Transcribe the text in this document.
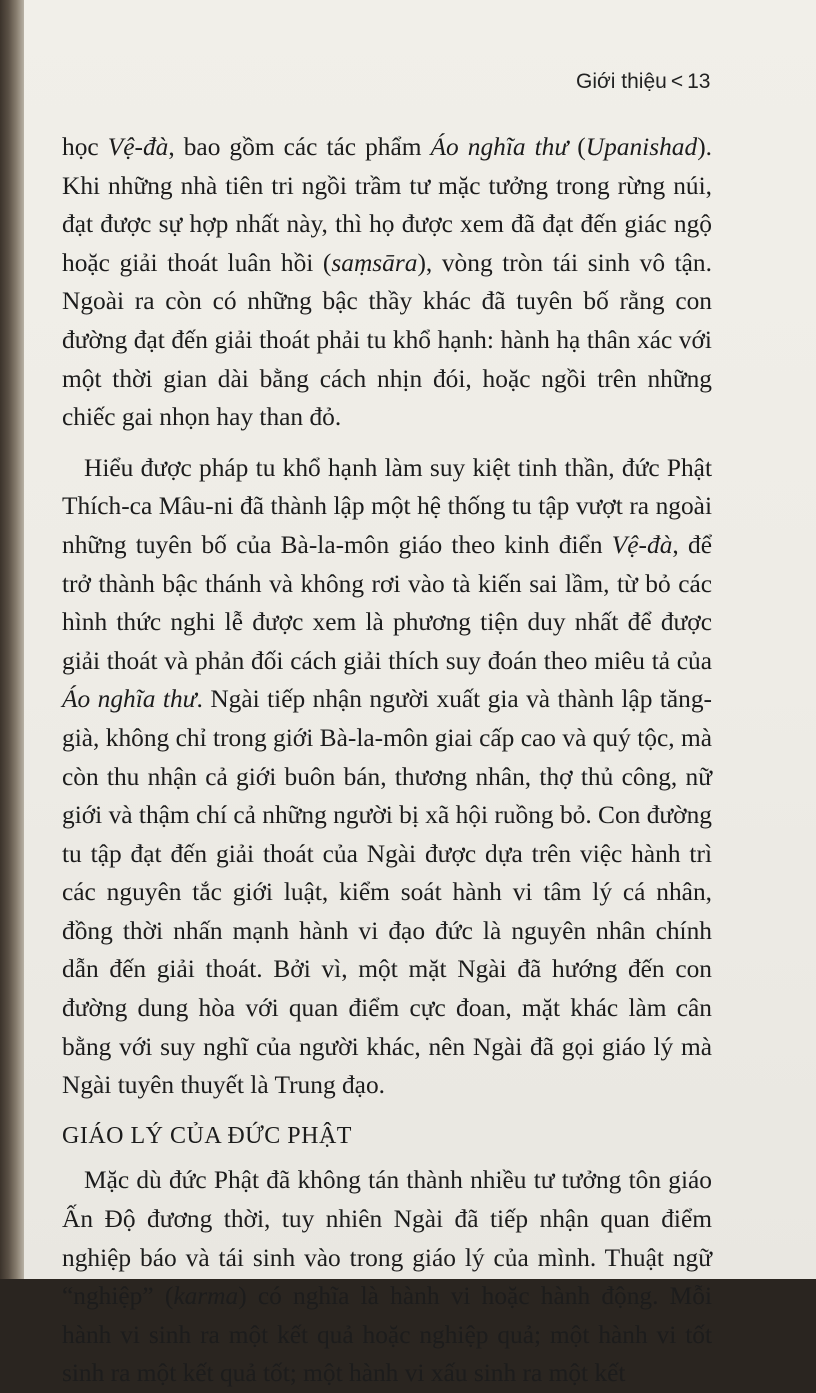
Giới thiệu < 13

học Vệ-đà, bao gồm các tác phẩm Áo nghĩa thư (Upanishad). Khi những nhà tiên tri ngồi trầm tư mặc tưởng trong rừng núi, đạt được sự hợp nhất này, thì họ được xem đã đạt đến giác ngộ hoặc giải thoát luân hồi (saṃsāra), vòng tròn tái sinh vô tận. Ngoài ra còn có những bậc thầy khác đã tuyên bố rằng con đường đạt đến giải thoát phải tu khổ hạnh: hành hạ thân xác với một thời gian dài bằng cách nhịn đói, hoặc ngồi trên những chiếc gai nhọn hay than đỏ.

Hiểu được pháp tu khổ hạnh làm suy kiệt tinh thần, đức Phật Thích-ca Mâu-ni đã thành lập một hệ thống tu tập vượt ra ngoài những tuyên bố của Bà-la-môn giáo theo kinh điển Vệ-đà, để trở thành bậc thánh và không rơi vào tà kiến sai lầm, từ bỏ các hình thức nghi lễ được xem là phương tiện duy nhất để được giải thoát và phản đối cách giải thích suy đoán theo miêu tả của Áo nghĩa thư. Ngài tiếp nhận người xuất gia và thành lập tăng-già, không chỉ trong giới Bà-la-môn giai cấp cao và quý tộc, mà còn thu nhận cả giới buôn bán, thương nhân, thợ thủ công, nữ giới và thậm chí cả những người bị xã hội ruồng bỏ. Con đường tu tập đạt đến giải thoát của Ngài được dựa trên việc hành trì các nguyên tắc giới luật, kiểm soát hành vi tâm lý cá nhân, đồng thời nhấn mạnh hành vi đạo đức là nguyên nhân chính dẫn đến giải thoát. Bởi vì, một mặt Ngài đã hướng đến con đường dung hòa với quan điểm cực đoan, mặt khác làm cân bằng với suy nghĩ của người khác, nên Ngài đã gọi giáo lý mà Ngài tuyên thuyết là Trung đạo.

GIÁO LÝ CỦA ĐỨC PHẬT

Mặc dù đức Phật đã không tán thành nhiều tư tưởng tôn giáo Ấn Độ đương thời, tuy nhiên Ngài đã tiếp nhận quan điểm nghiệp báo và tái sinh vào trong giáo lý của mình. Thuật ngữ “nghiệp” (karma) có nghĩa là hành vi hoặc hành động. Mỗi hành vi sinh ra một kết quả hoặc nghiệp quả; một hành vi tốt sinh ra một kết quả tốt; một hành vi xấu sinh ra một kết
